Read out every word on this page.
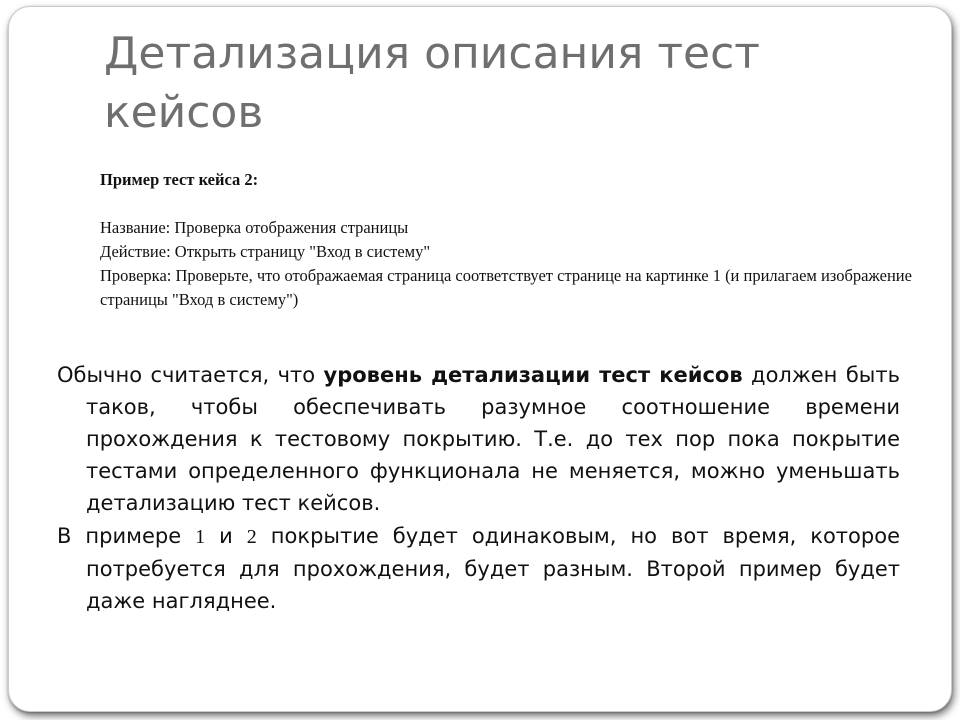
Детализация описания тест кейсов

Пример тест кейса 2:

Название: Проверка отображения страницы

Действие: Открыть страницу "Вход в систему"

Проверка: Проверьте, что отображаемая страница соответствует странице на картинке 1 (и прилагаем изображение страницы "Вход в систему")

Обычно считается, что уровень детализации тест кейсов должен быть таков, чтобы обеспечивать разумное соотношение времени прохождения к тестовому покрытию. Т.е. до тех пор пока покрытие тестами определенного функционала не меняется, можно уменьшать детализацию тест кейсов.

В примере 1 и 2 покрытие будет одинаковым, но вот время, которое потребуется для прохождения, будет разным. Второй пример будет даже нагляднее.
